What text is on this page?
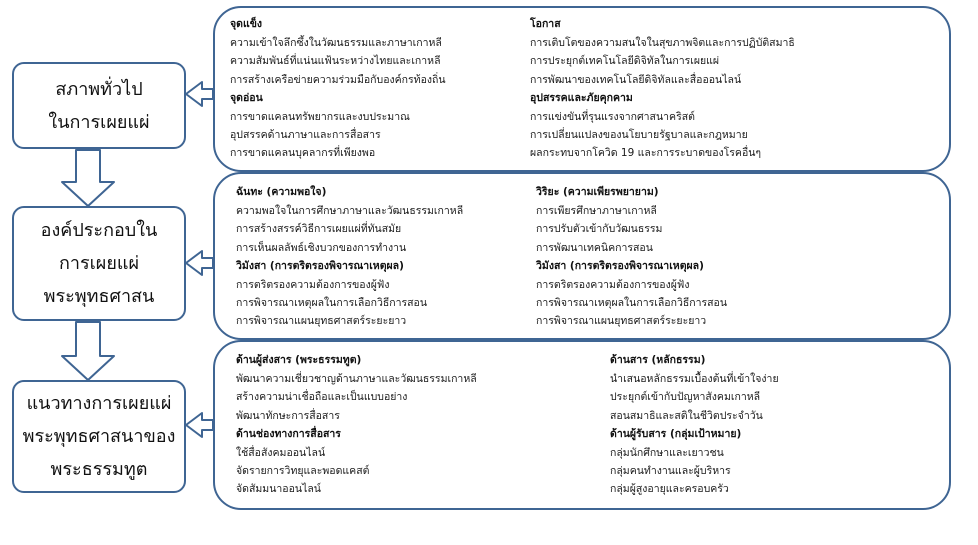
สภาพทั่วไป
ในการเผยแผ่
องค์ประกอบใน
การเผยแผ่
พระพุทธศาสน
แนวทางการเผยแผ่
พระพุทธศาสนาของ
พระธรรมทูต
จุดแข็ง
ความเข้าใจลึกซึ้งในวัฒนธรรมและภาษาเกาหลี
ความสัมพันธ์ที่แน่นแฟ้นระหว่างไทยและเกาหลี
การสร้างเครือข่ายความร่วมมือกับองค์กรท้องถิ่น
จุดอ่อน
การขาดแคลนทรัพยากรและงบประมาณ
อุปสรรคด้านภาษาและการสื่อสาร
การขาดแคลนบุคลากรที่เพียงพอ
โอกาส
การเติบโตของความสนใจในสุขภาพจิตและการปฏิบัติสมาธิ
การประยุกต์เทคโนโลยีดิจิทัลในการเผยแผ่
การพัฒนาของเทคโนโลยีดิจิทัลและสื่อออนไลน์
อุปสรรคและภัยคุกคาม
การแข่งขันที่รุนแรงจากศาสนาคริสต์
การเปลี่ยนแปลงของนโยบายรัฐบาลและกฎหมาย
ผลกระทบจากโควิด 19 และการระบาดของโรคอื่นๆ
ฉันทะ (ความพอใจ)
ความพอใจในการศึกษาภาษาและวัฒนธรรมเกาหลี
การสร้างสรรค์วิธีการเผยแผ่ที่ทันสมัย
การเห็นผลลัพธ์เชิงบวกของการทำงาน
วิมังสา (การตริตรองพิจารณาเหตุผล)
การตริตรองความต้องการของผู้ฟัง
การพิจารณาเหตุผลในการเลือกวิธีการสอน
การพิจารณาแผนยุทธศาสตร์ระยะยาว
วิริยะ (ความเพียรพยายาม)
การเพียรศึกษาภาษาเกาหลี
การปรับตัวเข้ากับวัฒนธรรม
การพัฒนาเทคนิคการสอน
วิมังสา (การตริตรองพิจารณาเหตุผล)
การตริตรองความต้องการของผู้ฟัง
การพิจารณาเหตุผลในการเลือกวิธีการสอน
การพิจารณาแผนยุทธศาสตร์ระยะยาว
ด้านผู้ส่งสาร (พระธรรมทูต)
พัฒนาความเชี่ยวชาญด้านภาษาและวัฒนธรรมเกาหลี
สร้างความน่าเชื่อถือและเป็นแบบอย่าง
พัฒนาทักษะการสื่อสาร
ด้านช่องทางการสื่อสาร
ใช้สื่อสังคมออนไลน์
จัดรายการวิทยุและพอดแคสต์
จัดสัมมนาออนไลน์
ด้านสาร (หลักธรรม)
นำเสนอหลักธรรมเบื้องต้นที่เข้าใจง่าย
ประยุกต์เข้ากับปัญหาสังคมเกาหลี
สอนสมาธิและสติในชีวิตประจำวัน
ด้านผู้รับสาร (กลุ่มเป้าหมาย)
กลุ่มนักศึกษาและเยาวชน
กลุ่มคนทำงานและผู้บริหาร
กลุ่มผู้สูงอายุและครอบครัว
